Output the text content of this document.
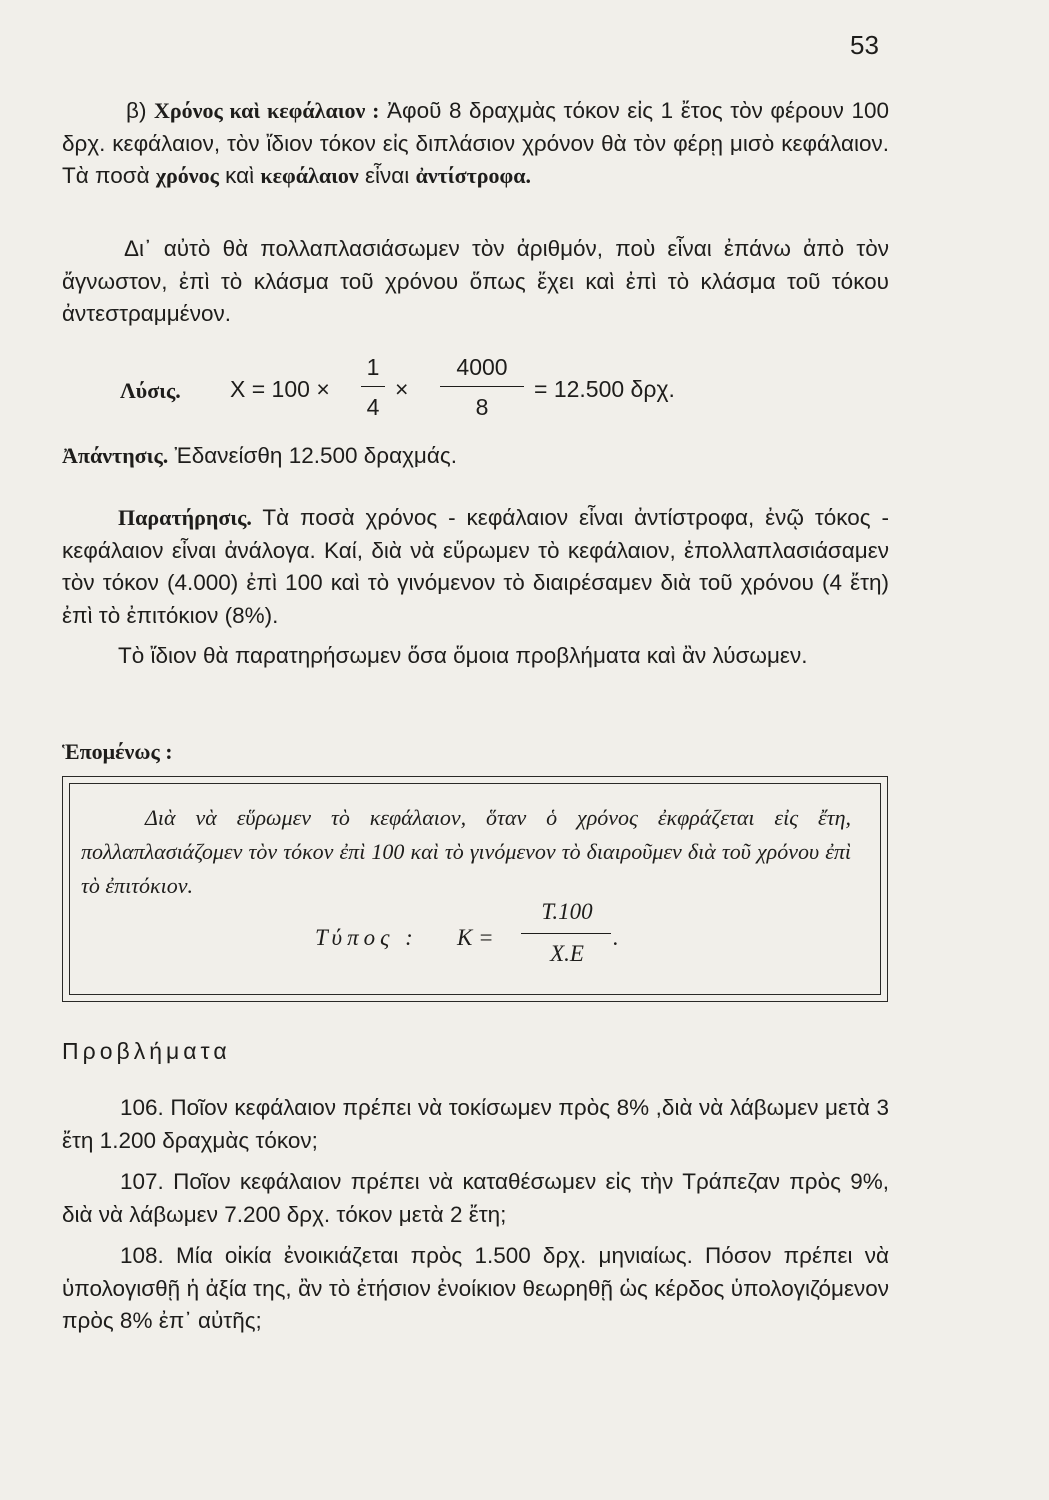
53
β) Χρόνος καὶ κεφάλαιον : Ἀφοῦ 8 δραχμὰς τόκον εἰς 1 ἔτος τὸν φέρουν 100 δρχ. κεφάλαιον, τὸν ἴδιον τόκον εἰς διπλάσιον χρόνον θὰ τὸν φέρῃ μισὸ κεφάλαιον. Τὰ ποσὰ χρόνος καὶ κεφάλαιον εἶναι ἀντίστροφα.
Δι᾽ αὐτὸ θὰ πολλαπλασιάσωμεν τὸν ἀριθμόν, ποὺ εἶναι ἐπάνω ἀπὸ τὸν ἄγνωστον, ἐπὶ τὸ κλάσμα τοῦ χρόνου ὅπως ἔχει καὶ ἐπὶ τὸ κλάσμα τοῦ τόκου ἀντεστραμμένον.
Λύσις. Χ = 100 ×
1
4
×
4000
8
= 12.500 δρχ.
Ἀπάντησις. Ἐδανείσθη 12.500 δραχμάς.
Παρατήρησις. Τὰ ποσὰ χρόνος - κεφάλαιον εἶναι ἀντίστροφα, ἐνῷ τόκος - κεφάλαιον εἶναι ἀνάλογα. Καί, διὰ νὰ εὕρωμεν τὸ κεφάλαιον, ἐπολλαπλασιάσαμεν τὸν τόκον (4.000) ἐπὶ 100 καὶ τὸ γινόμενον τὸ διαιρέσαμεν διὰ τοῦ χρόνου (4 ἔτη) ἐπὶ τὸ ἐπιτόκιον (8%).
Τὸ ἴδιον θὰ παρατηρήσωμεν ὅσα ὅμοια προβλήματα καὶ ἂν λύσωμεν.
Ἑπομένως :
Διὰ νὰ εὕρωμεν τὸ κεφάλαιον, ὅταν ὁ χρόνος ἐκφράζεται εἰς ἔτη, πολλαπλασιάζομεν τὸν τόκον ἐπὶ 100 καὶ τὸ γινόμενον τὸ διαιροῦμεν διὰ τοῦ χρόνου ἐπὶ τὸ ἐπιτόκιον.
Τύπος : Κ =
Τ.100
Χ.Ε
.
Προβλήματα
106. Ποῖον κεφάλαιον πρέπει νὰ τοκίσωμεν πρὸς 8% ,διὰ νὰ λάβωμεν μετὰ 3 ἔτη 1.200 δραχμὰς τόκον;
107. Ποῖον κεφάλαιον πρέπει νὰ καταθέσωμεν εἰς τὴν Τράπεζαν πρὸς 9%, διὰ νὰ λάβωμεν 7.200 δρχ. τόκον μετὰ 2 ἔτη;
108. Μία οἰκία ἐνοικιάζεται πρὸς 1.500 δρχ. μηνιαίως. Πόσον πρέπει νὰ ὑπολογισθῇ ἡ ἀξία της, ἂν τὸ ἐτήσιον ἐνοίκιον θεωρηθῇ ὡς κέρδος ὑπολογιζόμενον πρὸς 8% ἐπ᾽ αὐτῆς;
